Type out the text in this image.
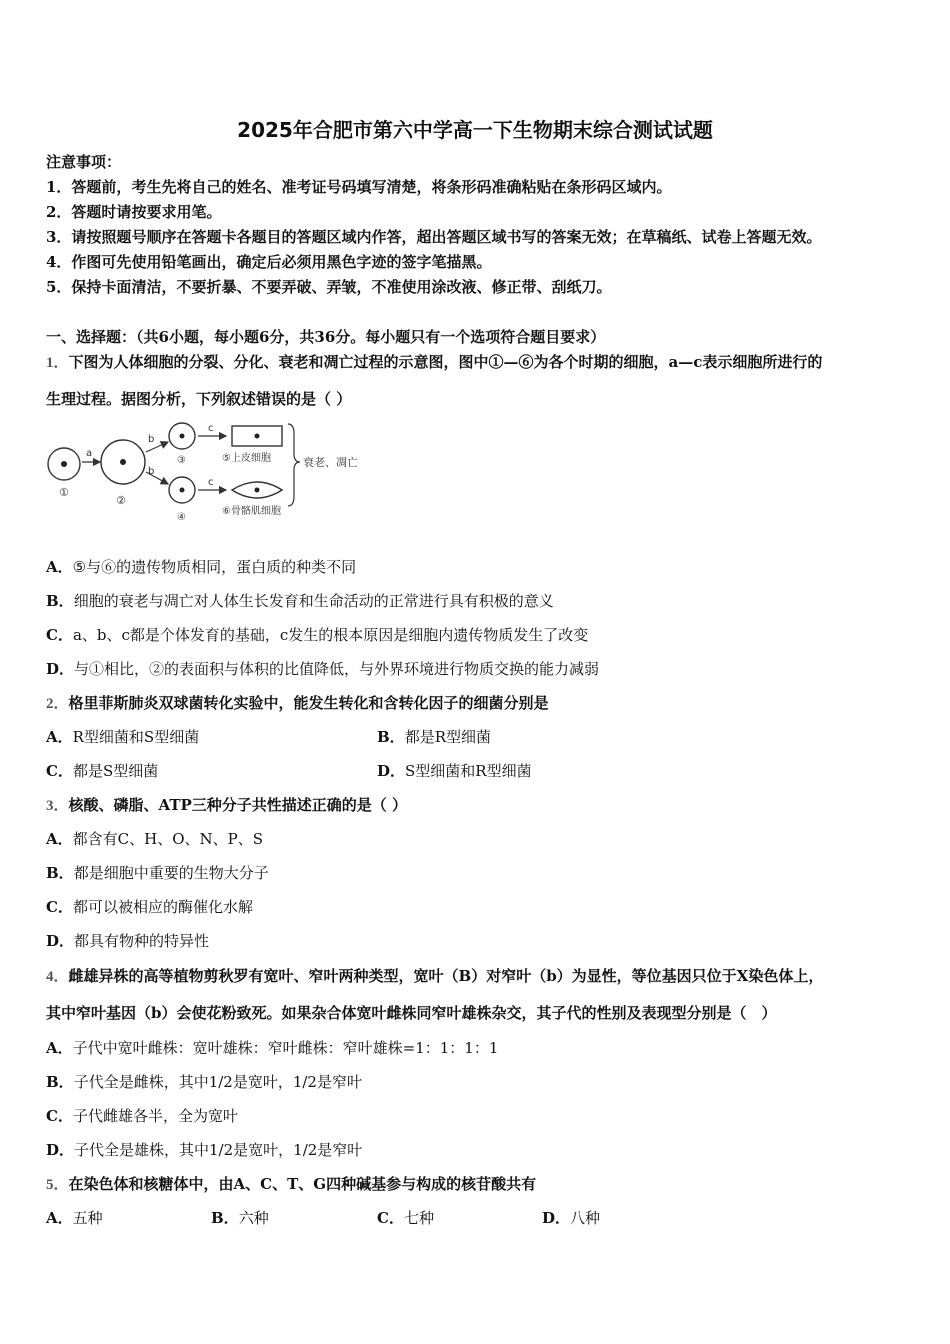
2025年合肥市第六中学高一下生物期末综合测试试题
注意事项：
1．答题前，考生先将自己的姓名、准考证号码填写清楚，将条形码准确粘贴在条形码区域内。
2．答题时请按要求用笔。
3．请按照题号顺序在答题卡各题目的答题区域内作答，超出答题区域书写的答案无效；在草稿纸、试卷上答题无效。
4．作图可先使用铅笔画出，确定后必须用黑色字迹的签字笔描黑。
5．保持卡面清洁，不要折暴、不要弄破、弄皱，不准使用涂改液、修正带、刮纸刀。
一、选择题：（共6小题，每小题6分，共36分。每小题只有一个选项符合题目要求）
1．下图为人体细胞的分裂、分化、衰老和凋亡过程的示意图，图中①—⑥为各个时期的细胞，a—c表示细胞所进行的
生理过程。据图分析，下列叙述错误的是（ ）
①
a
②
b
b
③
④
c
c
⑤上皮细胞
⑥骨骼肌细胞
衰老、凋亡
A．⑤与⑥的遗传物质相同，蛋白质的种类不同
B．细胞的衰老与凋亡对人体生长发育和生命活动的正常进行具有积极的意义
C．a、b、c都是个体发育的基础，c发生的根本原因是细胞内遗传物质发生了改变
D．与①相比，②的表面积与体积的比值降低，与外界环境进行物质交换的能力减弱
2．格里菲斯肺炎双球菌转化实验中，能发生转化和含转化因子的细菌分别是
A．R型细菌和S型细菌	B．都是R型细菌
C．都是S型细菌	D．S型细菌和R型细菌
3．核酸、磷脂、ATP三种分子共性描述正确的是（ ）
A．都含有C、H、O、N、P、S
B．都是细胞中重要的生物大分子
C．都可以被相应的酶催化水解
D．都具有物种的特异性
4．雌雄异株的高等植物剪秋罗有宽叶、窄叶两种类型，宽叶（B）对窄叶（b）为显性，等位基因只位于X染色体上，
其中窄叶基因（b）会使花粉致死。如果杂合体宽叶雌株同窄叶雄株杂交，其子代的性别及表现型分别是（　）
A．子代中宽叶雌株：宽叶雄株：窄叶雌株：窄叶雄株=1：1：1：1
B．子代全是雌株，其中1/2是宽叶，1/2是窄叶
C．子代雌雄各半，全为宽叶
D．子代全是雄株，其中1/2是宽叶，1/2是窄叶
5．在染色体和核糖体中，由A、C、T、G四种碱基参与构成的核苷酸共有
A．五种	B．六种	C．七种	D．八种
